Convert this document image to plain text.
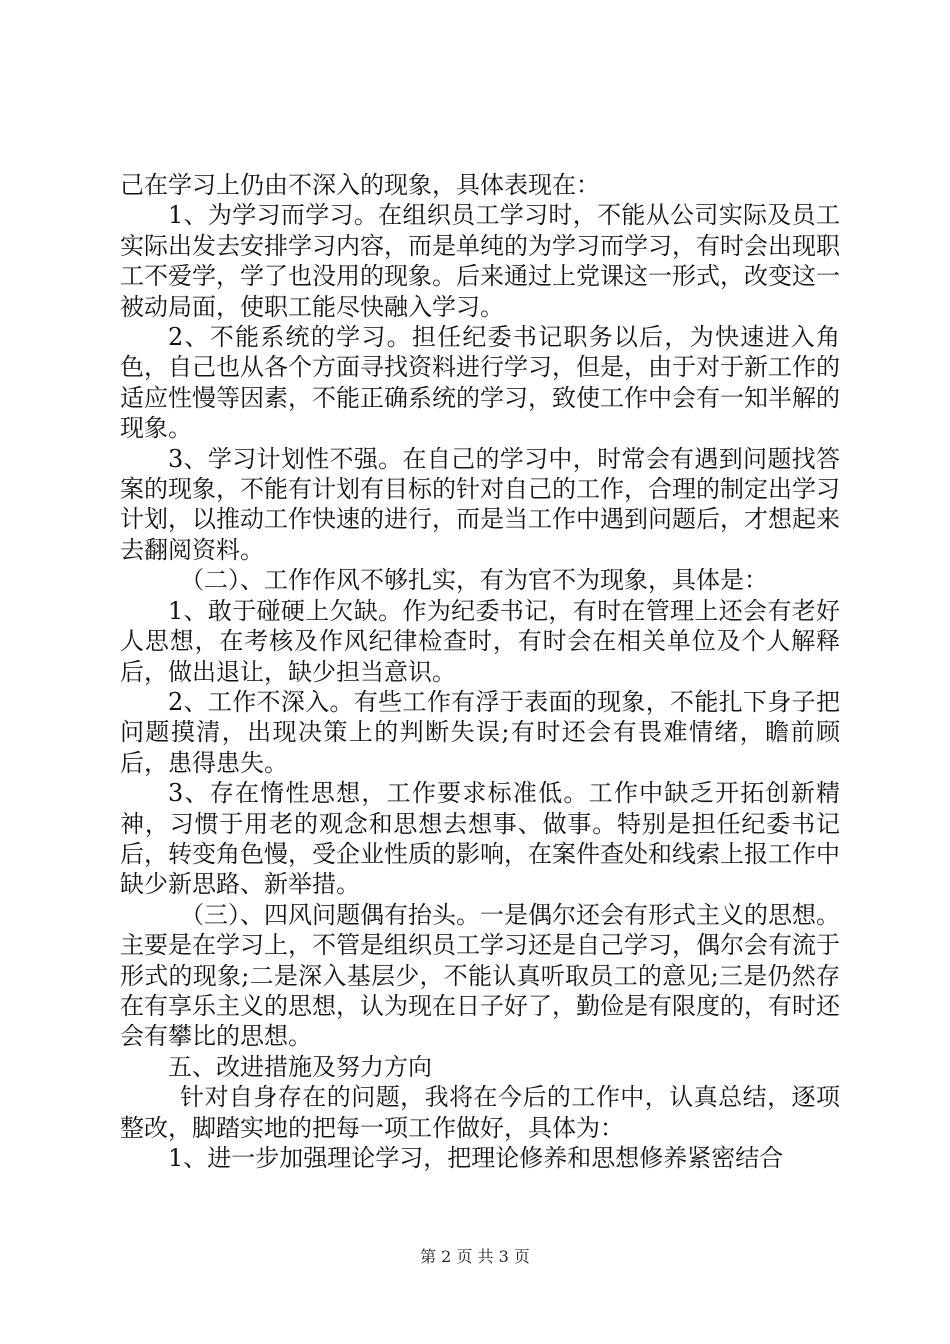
己在学习上仍由不深入的现象，具体表现在：

1、为学习而学习。在组织员工学习时，不能从公司实际及员工实际出发去安排学习内容，而是单纯的为学习而学习，有时会出现职工不爱学，学了也没用的现象。后来通过上党课这一形式，改变这一被动局面，使职工能尽快融入学习。

2、不能系统的学习。担任纪委书记职务以后，为快速进入角色，自己也从各个方面寻找资料进行学习，但是，由于对于新工作的适应性慢等因素，不能正确系统的学习，致使工作中会有一知半解的现象。

3、学习计划性不强。在自己的学习中，时常会有遇到问题找答案的现象，不能有计划有目标的针对自己的工作，合理的制定出学习计划，以推动工作快速的进行，而是当工作中遇到问题后，才想起来去翻阅资料。

（二）、工作作风不够扎实，有为官不为现象，具体是：

1、敢于碰硬上欠缺。作为纪委书记，有时在管理上还会有老好人思想，在考核及作风纪律检查时，有时会在相关单位及个人解释后，做出退让，缺少担当意识。

2、工作不深入。有些工作有浮于表面的现象，不能扎下身子把问题摸清，出现决策上的判断失误;有时还会有畏难情绪，瞻前顾后，患得患失。

3、存在惰性思想，工作要求标准低。工作中缺乏开拓创新精神，习惯于用老的观念和思想去想事、做事。特别是担任纪委书记后，转变角色慢，受企业性质的影响，在案件查处和线索上报工作中缺少新思路、新举措。

（三）、四风问题偶有抬头。一是偶尔还会有形式主义的思想。主要是在学习上，不管是组织员工学习还是自己学习，偶尔会有流于形式的现象;二是深入基层少，不能认真听取员工的意见;三是仍然存在有享乐主义的思想，认为现在日子好了，勤俭是有限度的，有时还会有攀比的思想。

五、改进措施及努力方向

针对自身存在的问题，我将在今后的工作中，认真总结，逐项整改，脚踏实地的把每一项工作做好，具体为：

1、进一步加强理论学习，把理论修养和思想修养紧密结合

第 2 页 共 3 页
